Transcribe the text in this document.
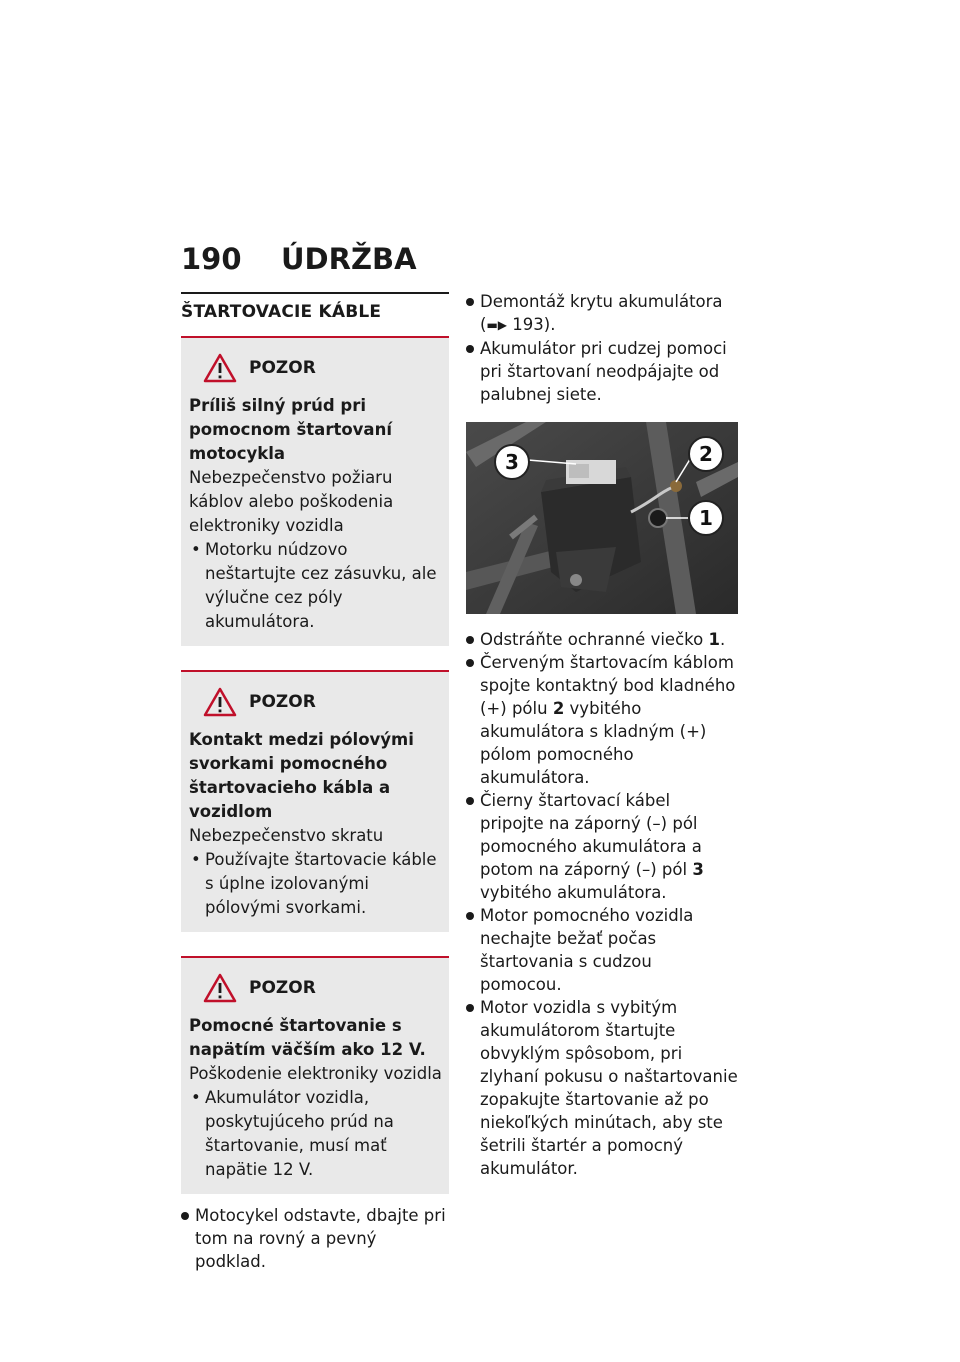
190	ÚDRŽBA
ŠTARTOVACIE KÁBLE
POZOR
Príliš silný prúd pri pomocnom štartovaní motocykla
Nebezpečenstvo požiaru káblov alebo poškodenia elektroniky vozidla
• Motorku núdzovo neštartujte cez zásuvku, ale výlučne cez póly akumulátora.
POZOR
Kontakt medzi pólovými svorkami pomocného štartovacieho kábla a vozidlom
Nebezpečenstvo skratu
• Používajte štartovacie káble s úplne izolovanými pólovými svorkami.
POZOR
Pomocné štartovanie s napätím väčším ako 12 V.
Poškodenie elektroniky vozidla
• Akumulátor vozidla, poskytujúceho prúd na štartovanie, musí mať napätie 12 V.

Motocykel odstavte, dbajte pri tom na rovný a pevný podklad.

Demontáž krytu akumulátora
(▬▶ 193).

Akumulátor pri cudzej pomoci pri štartovaní neodpájajte od palubnej siete.

3	2
1

Odstráňte ochranné viečko 1.

Červeným štartovacím káblom spojte kontaktný bod kladného (+) pólu 2 vybitého akumulátora s kladným (+) pólom pomocného akumulátora.

Čierny štartovací kábel pripojte na záporný (–) pól pomocného akumulátora a potom na záporný (–) pól 3 vybitého akumulátora.

Motor pomocného vozidla nechajte bežať počas štartovania s cudzou pomocou.

Motor vozidla s vybitým akumulátorom štartujte obvyklým spôsobom, pri zlyhaní pokusu o naštartovanie zopakujte štartovanie až po niekoľkých minútach, aby ste šetrili štartér a pomocný akumulátor.
